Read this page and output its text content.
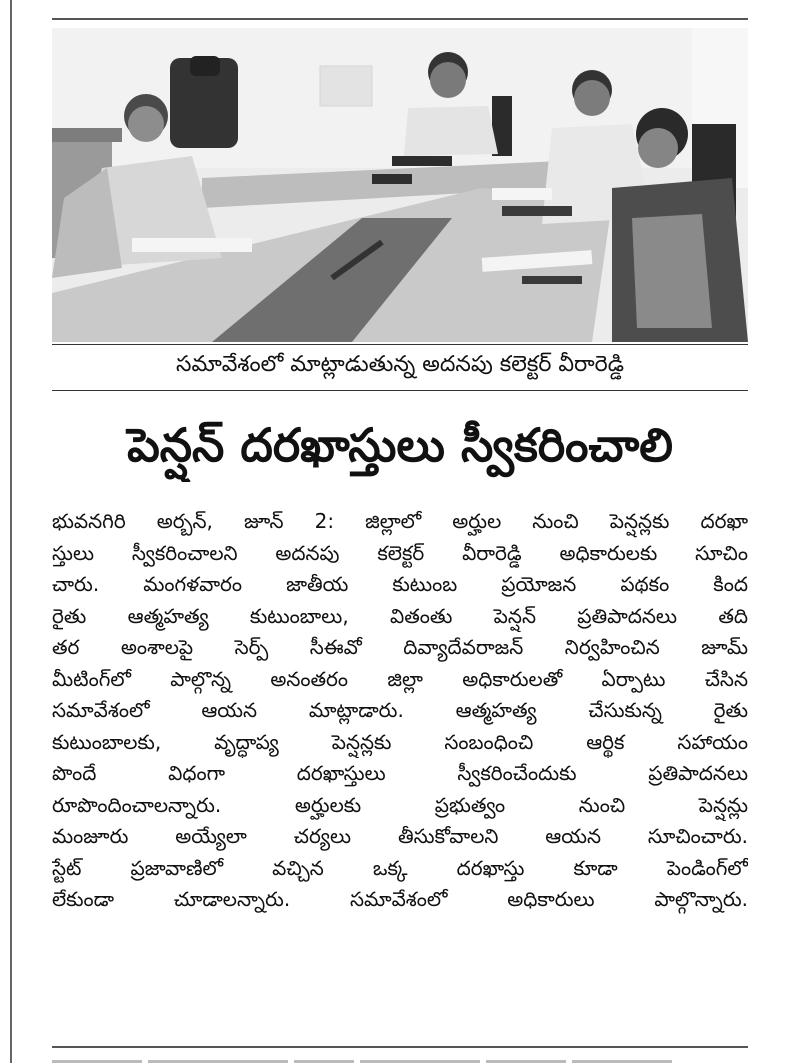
సమావేశంలో మాట్లాడుతున్న అదనపు కలెక్టర్ వీరారెడ్డి
పెన్షన్ దరఖాస్తులు స్వీకరించాలి
భువనగిరి అర్బన్, జూన్ 2: జిల్లాలో అర్హుల నుంచి పెన్షన్లకు దరఖా
స్తులు స్వీకరించాలని అదనపు కలెక్టర్ వీరారెడ్డి అధికారులకు సూచిం
చారు. మంగళవారం జాతీయ కుటుంబ ప్రయోజన పథకం కింద
రైతు ఆత్మహత్య కుటుంబాలు, వితంతు పెన్షన్ ప్రతిపాదనలు తది
తర అంశాలపై సెర్ప్ సీఈవో దివ్యాదేవరాజన్ నిర్వహించిన జూమ్
మీటింగ్‌లో పాల్గొన్న అనంతరం జిల్లా అధికారులతో ఏర్పాటు చేసిన
సమావేశంలో ఆయన మాట్లాడారు. ఆత్మహత్య చేసుకున్న రైతు
కుటుంబాలకు, వృద్ధాప్య పెన్షన్లకు సంబంధించి ఆర్థిక సహాయం
పొందే విధంగా దరఖాస్తులు స్వీకరించేందుకు ప్రతిపాదనలు
రూపొందించాలన్నారు. అర్హులకు ప్రభుత్వం నుంచి పెన్షన్లు
మంజూరు అయ్యేలా చర్యలు తీసుకోవాలని ఆయన సూచించారు.
స్టేట్ ప్రజావాణిలో వచ్చిన ఒక్క దరఖాస్తు కూడా పెండింగ్‌లో
లేకుండా చూడాలన్నారు. సమావేశంలో అధికారులు పాల్గొన్నారు.
